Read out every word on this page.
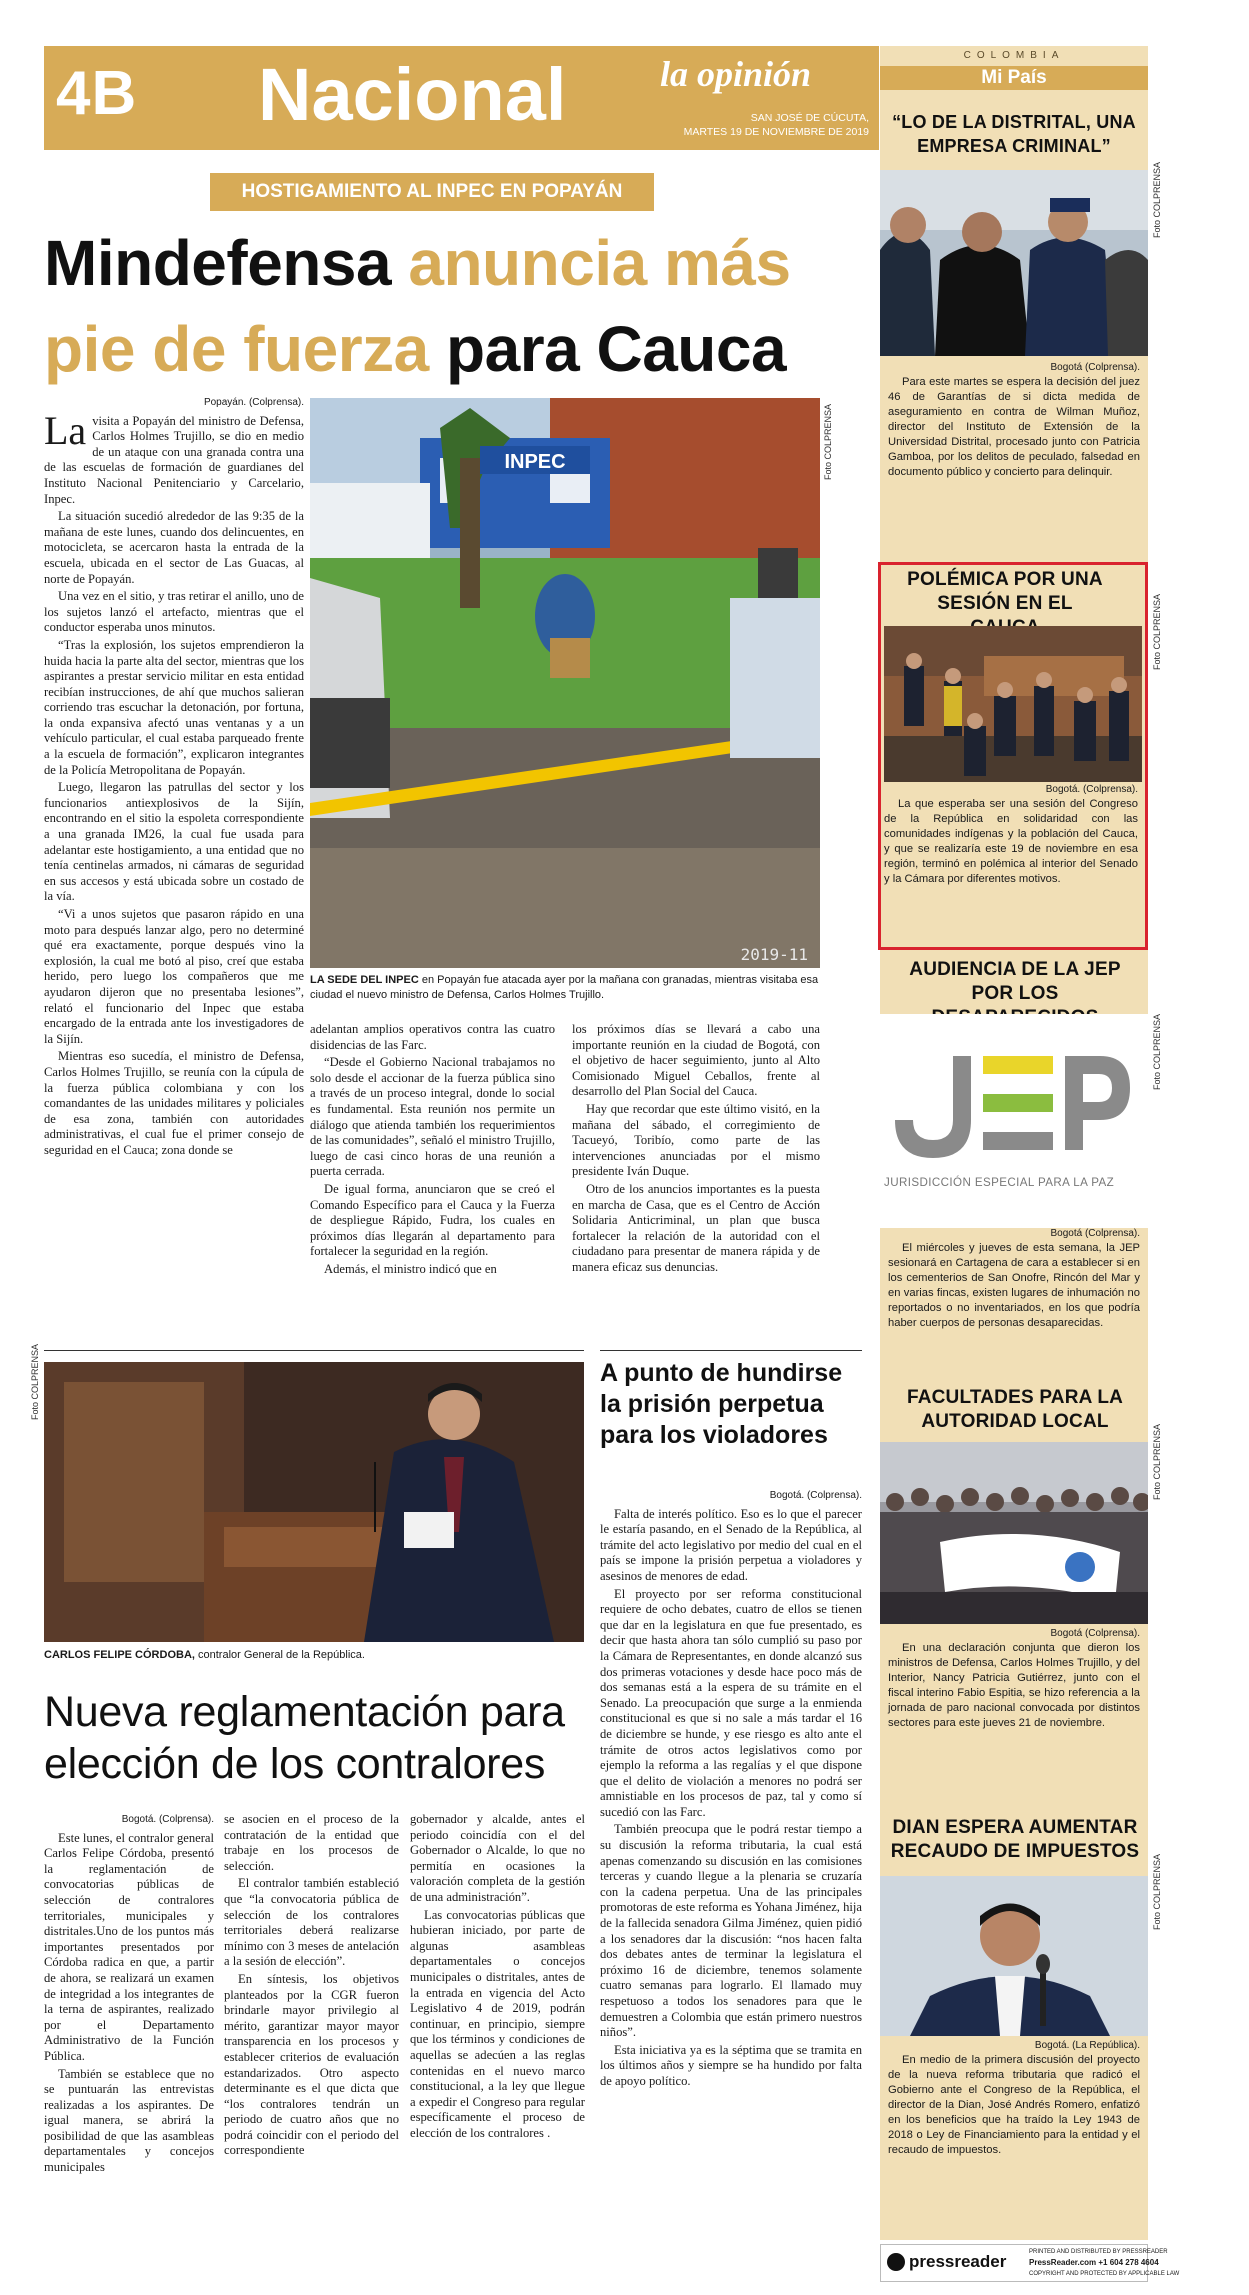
4B Nacional	la opinión
SAN JOSÉ DE CÚCUTA,
MARTES 19 DE NOVIEMBRE DE 2019
COLOMBIA
Mi País
HOSTIGAMIENTO AL INPEC EN POPAYÁN
Mindefensa anuncia más
pie de fuerza para Cauca
Popayán. (Colprensa).

La visita a Popayán del ministro de Defensa, Carlos Holmes Trujillo, se dio en medio de un ataque con una granada contra una de las escuelas de formación de guardianes del Instituto Nacional Penitenciario y Carcelario, Inpec.

La situación sucedió alrededor de las 9:35 de la mañana de este lunes, cuando dos delincuentes, en motocicleta, se acercaron hasta la entrada de la escuela, ubicada en el sector de Las Guacas, al norte de Popayán.

Una vez en el sitio, y tras retirar el anillo, uno de los sujetos lanzó el artefacto, mientras que el conductor esperaba unos minutos.

“Tras la explosión, los sujetos emprendieron la huida hacia la parte alta del sector, mientras que los aspirantes a prestar servicio militar en esta entidad recibían instrucciones, de ahí que muchos salieran corriendo tras escuchar la detonación, por fortuna, la onda expansiva afectó unas ventanas y a un vehículo particular, el cual estaba parqueado frente a la escuela de formación”, explicaron integrantes de la Policía Metropolitana de Popayán.

Luego, llegaron las patrullas del sector y los funcionarios antiexplosivos de la Sijín, encontrando en el sitio la espoleta correspondiente a una granada IM26, la cual fue usada para adelantar este hostigamiento, a una entidad que no tenía centinelas armados, ni cámaras de seguridad en sus accesos y está ubicada sobre un costado de la vía.

“Vi a unos sujetos que pasaron rápido en una moto para después lanzar algo, pero no determiné qué era exactamente, porque después vino la explosión, la cual me botó al piso, creí que estaba herido, pero luego los compañeros que me ayudaron dijeron que no presentaba lesiones”, relató el funcionario del Inpec que estaba encargado de la entrada ante los investigadores de la Sijín.

Mientras eso sucedía, el ministro de Defensa, Carlos Holmes Trujillo, se reunía con la cúpula de la fuerza pública colombiana y con los comandantes de las unidades militares y policiales de esa zona, también con autoridades administrativas, el cual fue el primer consejo de seguridad en el Cauca; zona donde se

INPEC
2019-11
Foto COLPRENSA
LA SEDE DEL INPEC en Popayán fue atacada ayer por la mañana con granadas, mientras visitaba esa ciudad el nuevo ministro de Defensa, Carlos Holmes Trujillo.

adelantan amplios operativos contra las cuatro disidencias de las Farc.

“Desde el Gobierno Nacional trabajamos no solo desde el accionar de la fuerza pública sino a través de un proceso integral, donde lo social es fundamental. Esta reunión nos permite un diálogo que atienda también los requerimientos de las comunidades”, señaló el ministro Trujillo, luego de casi cinco horas de una reunión a puerta cerrada.

De igual forma, anunciaron que se creó el Comando Específico para el Cauca y la Fuerza de despliegue Rápido, Fudra, los cuales en próximos días llegarán al departamento para fortalecer la seguridad en la región.

Además, el ministro indicó que en

los próximos días se llevará a cabo una importante reunión en la ciudad de Bogotá, con el objetivo de hacer seguimiento, junto al Alto Comisionado Miguel Ceballos, frente al desarrollo del Plan Social del Cauca.

Hay que recordar que este último visitó, en la mañana del sábado, el corregimiento de Tacueyó, Toribío, como parte de las intervenciones anunciadas por el mismo presidente Iván Duque.

Otro de los anuncios importantes es la puesta en marcha de Casa, que es el Centro de Acción Solidaria Anticriminal, un plan que busca fortalecer la relación de la autoridad con el ciudadano para presentar de manera rápida y de manera eficaz sus denuncias.

Foto COLPRENSA
CARLOS FELIPE CÓRDOBA, contralor General de la República.
Nueva reglamentación para elección de los contralores
Bogotá. (Colprensa).

Este lunes, el contralor general Carlos Felipe Córdoba, presentó la reglamentación de convocatorias públicas de selección de contralores territoriales, municipales y distritales.Uno de los puntos más importantes presentados por Córdoba radica en que, a partir de ahora, se realizará un examen de integridad a los integrantes de la terna de aspirantes, realizado por el Departamento Administrativo de la Función Pública.

También se establece que no se puntuarán las entrevistas realizadas a los aspirantes. De igual manera, se abrirá la posibilidad de que las asambleas departamentales y concejos municipales

se asocien en el proceso de la contratación de la entidad que trabaje en los procesos de selección.

El contralor también estableció que “la convocatoria pública de selección de los contralores territoriales deberá realizarse mínimo con 3 meses de antelación a la sesión de elección”.

En síntesis, los objetivos planteados por la CGR fueron brindarle mayor privilegio al mérito, garantizar mayor mayor transparencia en los procesos y establecer criterios de evaluación estandarizados. Otro aspecto determinante es el que dicta que “los contralores tendrán un periodo de cuatro años que no podrá coincidir con el periodo del correspondiente

gobernador y alcalde, antes el periodo coincidía con el del Gobernador o Alcalde, lo que no permitía en ocasiones la valoración completa de la gestión de una administración”.

Las convocatorias públicas que hubieran iniciado, por parte de algunas asambleas departamentales o concejos municipales o distritales, antes de la entrada en vigencia del Acto Legislativo 4 de 2019, podrán continuar, en principio, siempre que los términos y condiciones de aquellas se adecúen a las reglas contenidas en el nuevo marco constitucional, a la ley que llegue a expedir el Congreso para regular específicamente el proceso de elección de los contralores .

A punto de hundirse la prisión perpetua para los violadores
Bogotá. (Colprensa).

Falta de interés político. Eso es lo que el parecer le estaría pasando, en el Senado de la República, al trámite del acto legislativo por medio del cual en el país se impone la prisión perpetua a violadores y asesinos de menores de edad.

El proyecto por ser reforma constitucional requiere de ocho debates, cuatro de ellos se tienen que dar en la legislatura en que fue presentado, es decir que hasta ahora tan sólo cumplió su paso por la Cámara de Representantes, en donde alcanzó sus dos primeras votaciones y desde hace poco más de dos semanas está a la espera de su trámite en el Senado. La preocupación que surge a la enmienda constitucional es que si no sale a más tardar el 16 de diciembre se hunde, y ese riesgo es alto ante el trámite de otros actos legislativos como por ejemplo la reforma a las regalías y el que dispone que el delito de violación a menores no podrá ser amnistiable en los procesos de paz, tal y como sí sucedió con las Farc.

También preocupa que le podrá restar tiempo a su discusión la reforma tributaria, la cual está apenas comenzando su discusión en las comisiones terceras y cuando llegue a la plenaria se cruzaría con la cadena perpetua. Una de las principales promotoras de este reforma es Yohana Jiménez, hija de la fallecida senadora Gilma Jiménez, quien pidió a los senadores dar la discusión: “nos hacen falta dos debates antes de terminar la legislatura el próximo 16 de diciembre, tenemos solamente cuatro semanas para lograrlo. El llamado muy respetuoso a todos los senadores para que le demuestren a Colombia que están primero nuestros niños”.

Esta iniciativa ya es la séptima que se tramita en los últimos años y siempre se ha hundido por falta de apoyo político.

“LO DE LA DISTRITAL, UNA EMPRESA CRIMINAL”
Foto COLPRENSA
Bogotá (Colprensa).

Para este martes se espera la decisión del juez 46 de Garantías de si dicta medida de aseguramiento en contra de Wilman Muñoz, director del Instituto de Extensión de la Universidad Distrital, procesado junto con Patricia Gamboa, por los delitos de peculado, falsedad en documento público y concierto para delinquir.

POLÉMICA POR UNA SESIÓN EN EL	Foto COLPRENSA
Bogotá. (Colprensa).

La que esperaba ser una sesión del Congreso de la República en solidaridad con las comunidades indígenas y la población del Cauca, y que se realizaría este 19 de noviembre en esa región, terminó en polémica al interior del Senado y la Cámara por diferentes motivos.

AUDIENCIA DE LA JEP POR LOS
JURISDICCIÓN ESPECIAL PARA LA PAZ
Foto COLPRENSA
Bogotá (Colprensa).

El miércoles y jueves de esta semana, la JEP sesionará en Cartagena de cara a establecer si en los cementerios de San Onofre, Rincón del Mar y en varias fincas, existen lugares de inhumación no reportados o no inventariados, en los que podría haber cuerpos de personas desaparecidas.

FACULTADES PARA LA AUTORIDAD LOCAL
Foto COLPRENSA
Bogotá (Colprensa).

En una declaración conjunta que dieron los ministros de Defensa, Carlos Holmes Trujillo, y del Interior, Nancy Patricia Gutiérrez, junto con el fiscal interino Fabio Espitia, se hizo referencia a la jornada de paro nacional convocada por distintos sectores para este jueves 21 de noviembre.

DIAN ESPERA AUMENTAR RECAUDO DE IMPUESTOS
Foto COLPRENSA
Bogotá. (La República).

En medio de la primera discusión del proyecto de la nueva reforma tributaria que radicó el Gobierno ante el Congreso de la República, el director de la Dian, José Andrés Romero, enfatizó en los beneficios que ha traído la Ley 1943 de 2018 o Ley de Financiamiento para la entidad y el recaudo de impuestos.

pressreader	PRINTED AND DISTRIBUTED BY PRESSREADER
PressReader.com +1 604 278 4604
COPYRIGHT AND PROTECTED BY APPLICABLE LAW
